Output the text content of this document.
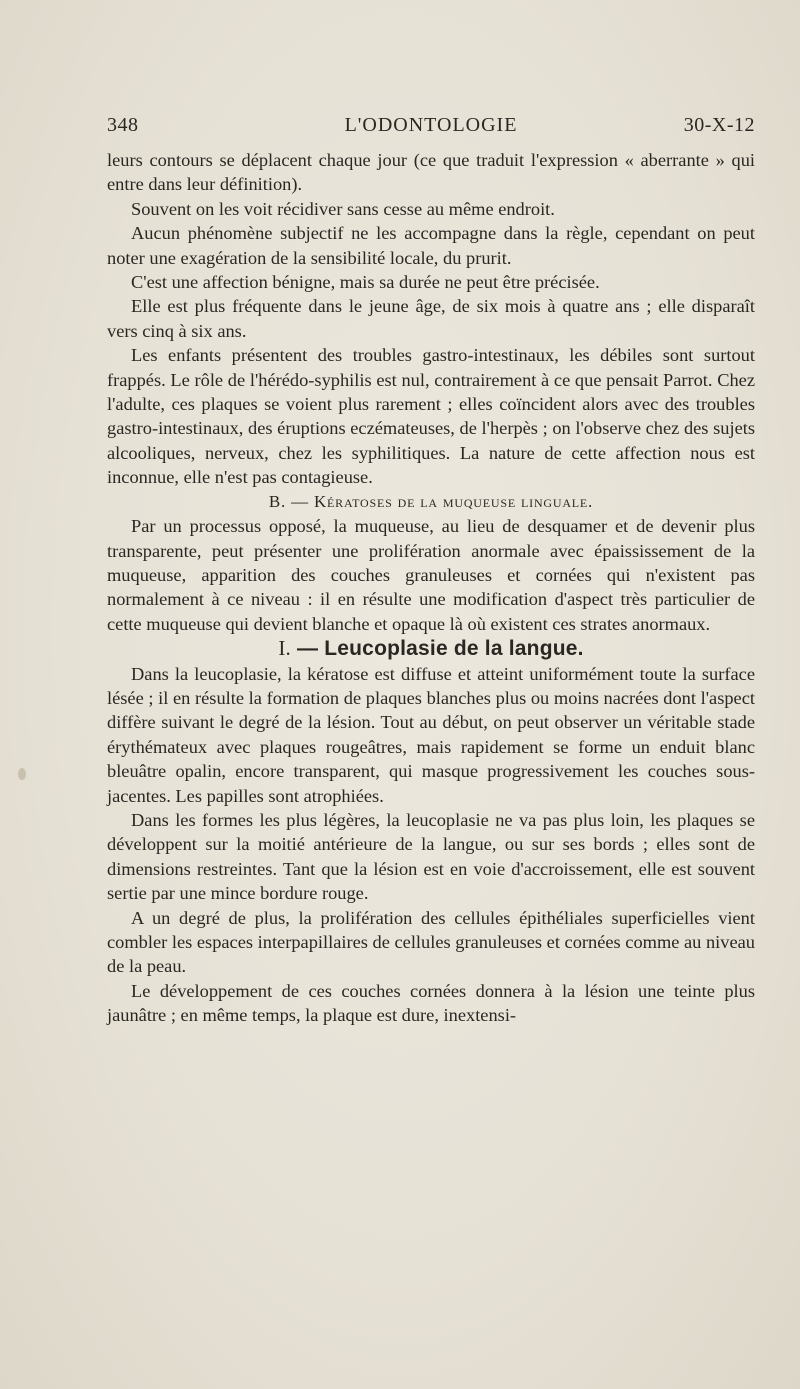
348	L'ODONTOLOGIE	30-X-12

leurs contours se déplacent chaque jour (ce que traduit l'expression « aberrante » qui entre dans leur définition).

Souvent on les voit récidiver sans cesse au même endroit.

Aucun phénomène subjectif ne les accompagne dans la règle, cependant on peut noter une exagération de la sensibilité locale, du prurit.

C'est une affection bénigne, mais sa durée ne peut être précisée.

Elle est plus fréquente dans le jeune âge, de six mois à quatre ans ; elle disparaît vers cinq à six ans.

Les enfants présentent des troubles gastro-intestinaux, les débiles sont surtout frappés. Le rôle de l'hérédo-syphilis est nul, contrairement à ce que pensait Parrot. Chez l'adulte, ces plaques se voient plus rarement ; elles coïncident alors avec des troubles gastro-intestinaux, des éruptions eczémateuses, de l'herpès ; on l'observe chez des sujets alcooliques, nerveux, chez les syphilitiques. La nature de cette affection nous est inconnue, elle n'est pas contagieuse.

B. — Kératoses de la muqueuse linguale.

Par un processus opposé, la muqueuse, au lieu de desquamer et de devenir plus transparente, peut présenter une prolifération anormale avec épaississement de la muqueuse, apparition des couches granuleuses et cornées qui n'existent pas normalement à ce niveau : il en résulte une modification d'aspect très particulier de cette muqueuse qui devient blanche et opaque là où existent ces strates anormaux.

I. — Leucoplasie de la langue.

Dans la leucoplasie, la kératose est diffuse et atteint uniformément toute la surface lésée ; il en résulte la formation de plaques blanches plus ou moins nacrées dont l'aspect diffère suivant le degré de la lésion. Tout au début, on peut observer un véritable stade érythémateux avec plaques rougeâtres, mais rapidement se forme un enduit blanc bleuâtre opalin, encore transparent, qui masque progressivement les couches sous-jacentes. Les papilles sont atrophiées.

Dans les formes les plus légères, la leucoplasie ne va pas plus loin, les plaques se développent sur la moitié antérieure de la langue, ou sur ses bords ; elles sont de dimensions restreintes. Tant que la lésion est en voie d'accroissement, elle est souvent sertie par une mince bordure rouge.

A un degré de plus, la prolifération des cellules épithéliales superficielles vient combler les espaces interpapillaires de cellules granuleuses et cornées comme au niveau de la peau.

Le développement de ces couches cornées donnera à la lésion une teinte plus jaunâtre ; en même temps, la plaque est dure, inextensi-
